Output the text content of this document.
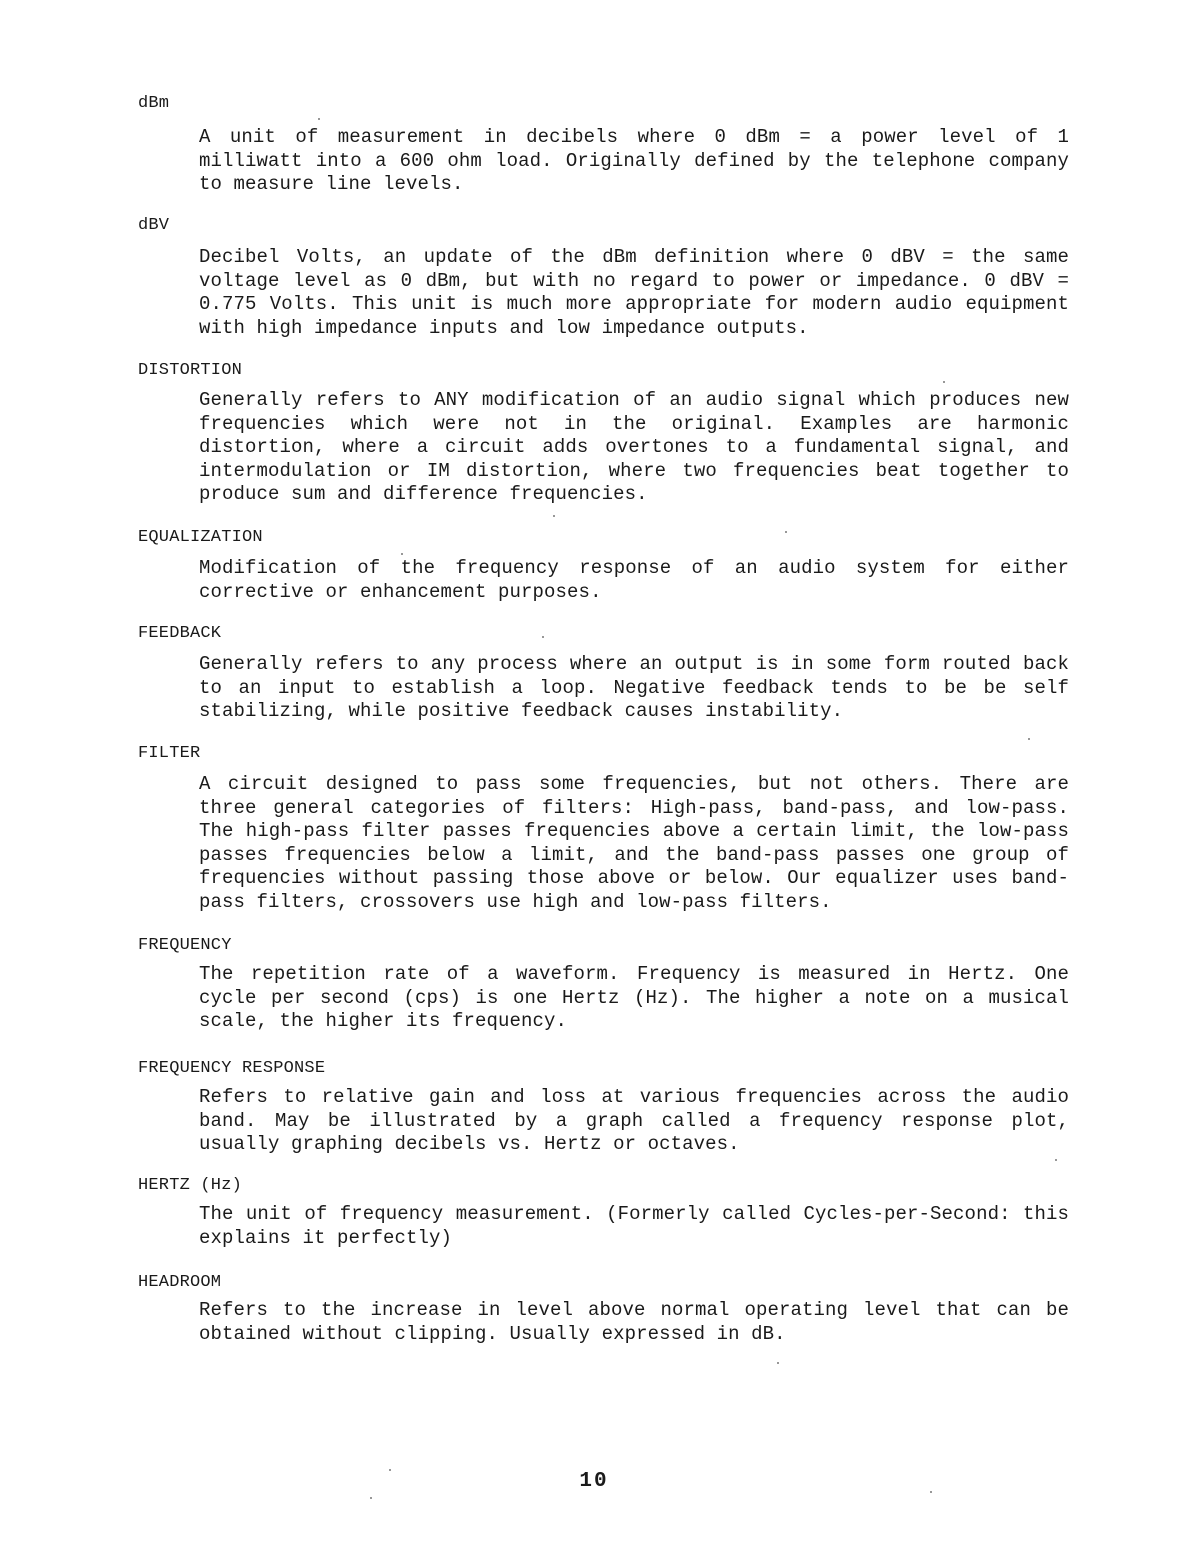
dBm
A unit of measurement in decibels where 0 dBm = a power level of 1 milliwatt into a 600 ohm load. Originally defined by the telephone company to measure line levels.
dBV
Decibel Volts, an update of the dBm definition where 0 dBV = the same voltage level as 0 dBm, but with no regard to power or impedance. 0 dBV = 0.775 Volts. This unit is much more appropriate for modern audio equipment with high impedance inputs and low impedance outputs.
DISTORTION
Generally refers to ANY modification of an audio signal which produces new frequencies which were not in the original. Examples are harmonic distortion, where a circuit adds overtones to a fundamental signal, and intermodulation or IM distortion, where two frequencies beat together to produce sum and difference frequencies.
EQUALIZATION
Modification of the frequency response of an audio system for either corrective or enhancement purposes.
FEEDBACK
Generally refers to any process where an output is in some form routed back to an input to establish a loop. Negative feedback tends to be be self stabilizing, while positive feedback causes instability.
FILTER
A circuit designed to pass some frequencies, but not others. There are three general categories of filters: High-pass, band-pass, and low-pass. The high-pass filter passes frequencies above a certain limit, the low-pass passes frequencies below a limit, and the band-pass passes one group of frequencies without passing those above or below. Our equalizer uses band-pass filters, crossovers use high and low-pass filters.
FREQUENCY
The repetition rate of a waveform. Frequency is measured in Hertz. One cycle per second (cps) is one Hertz (Hz). The higher a note on a musical scale, the higher its frequency.
FREQUENCY RESPONSE
Refers to relative gain and loss at various frequencies across the audio band. May be illustrated by a graph called a frequency response plot, usually graphing decibels vs. Hertz or octaves.
HERTZ (Hz)
The unit of frequency measurement. (Formerly called Cycles-per-Second: this explains it perfectly)
HEADROOM
Refers to the increase in level above normal operating level that can be obtained without clipping. Usually expressed in dB.
10
